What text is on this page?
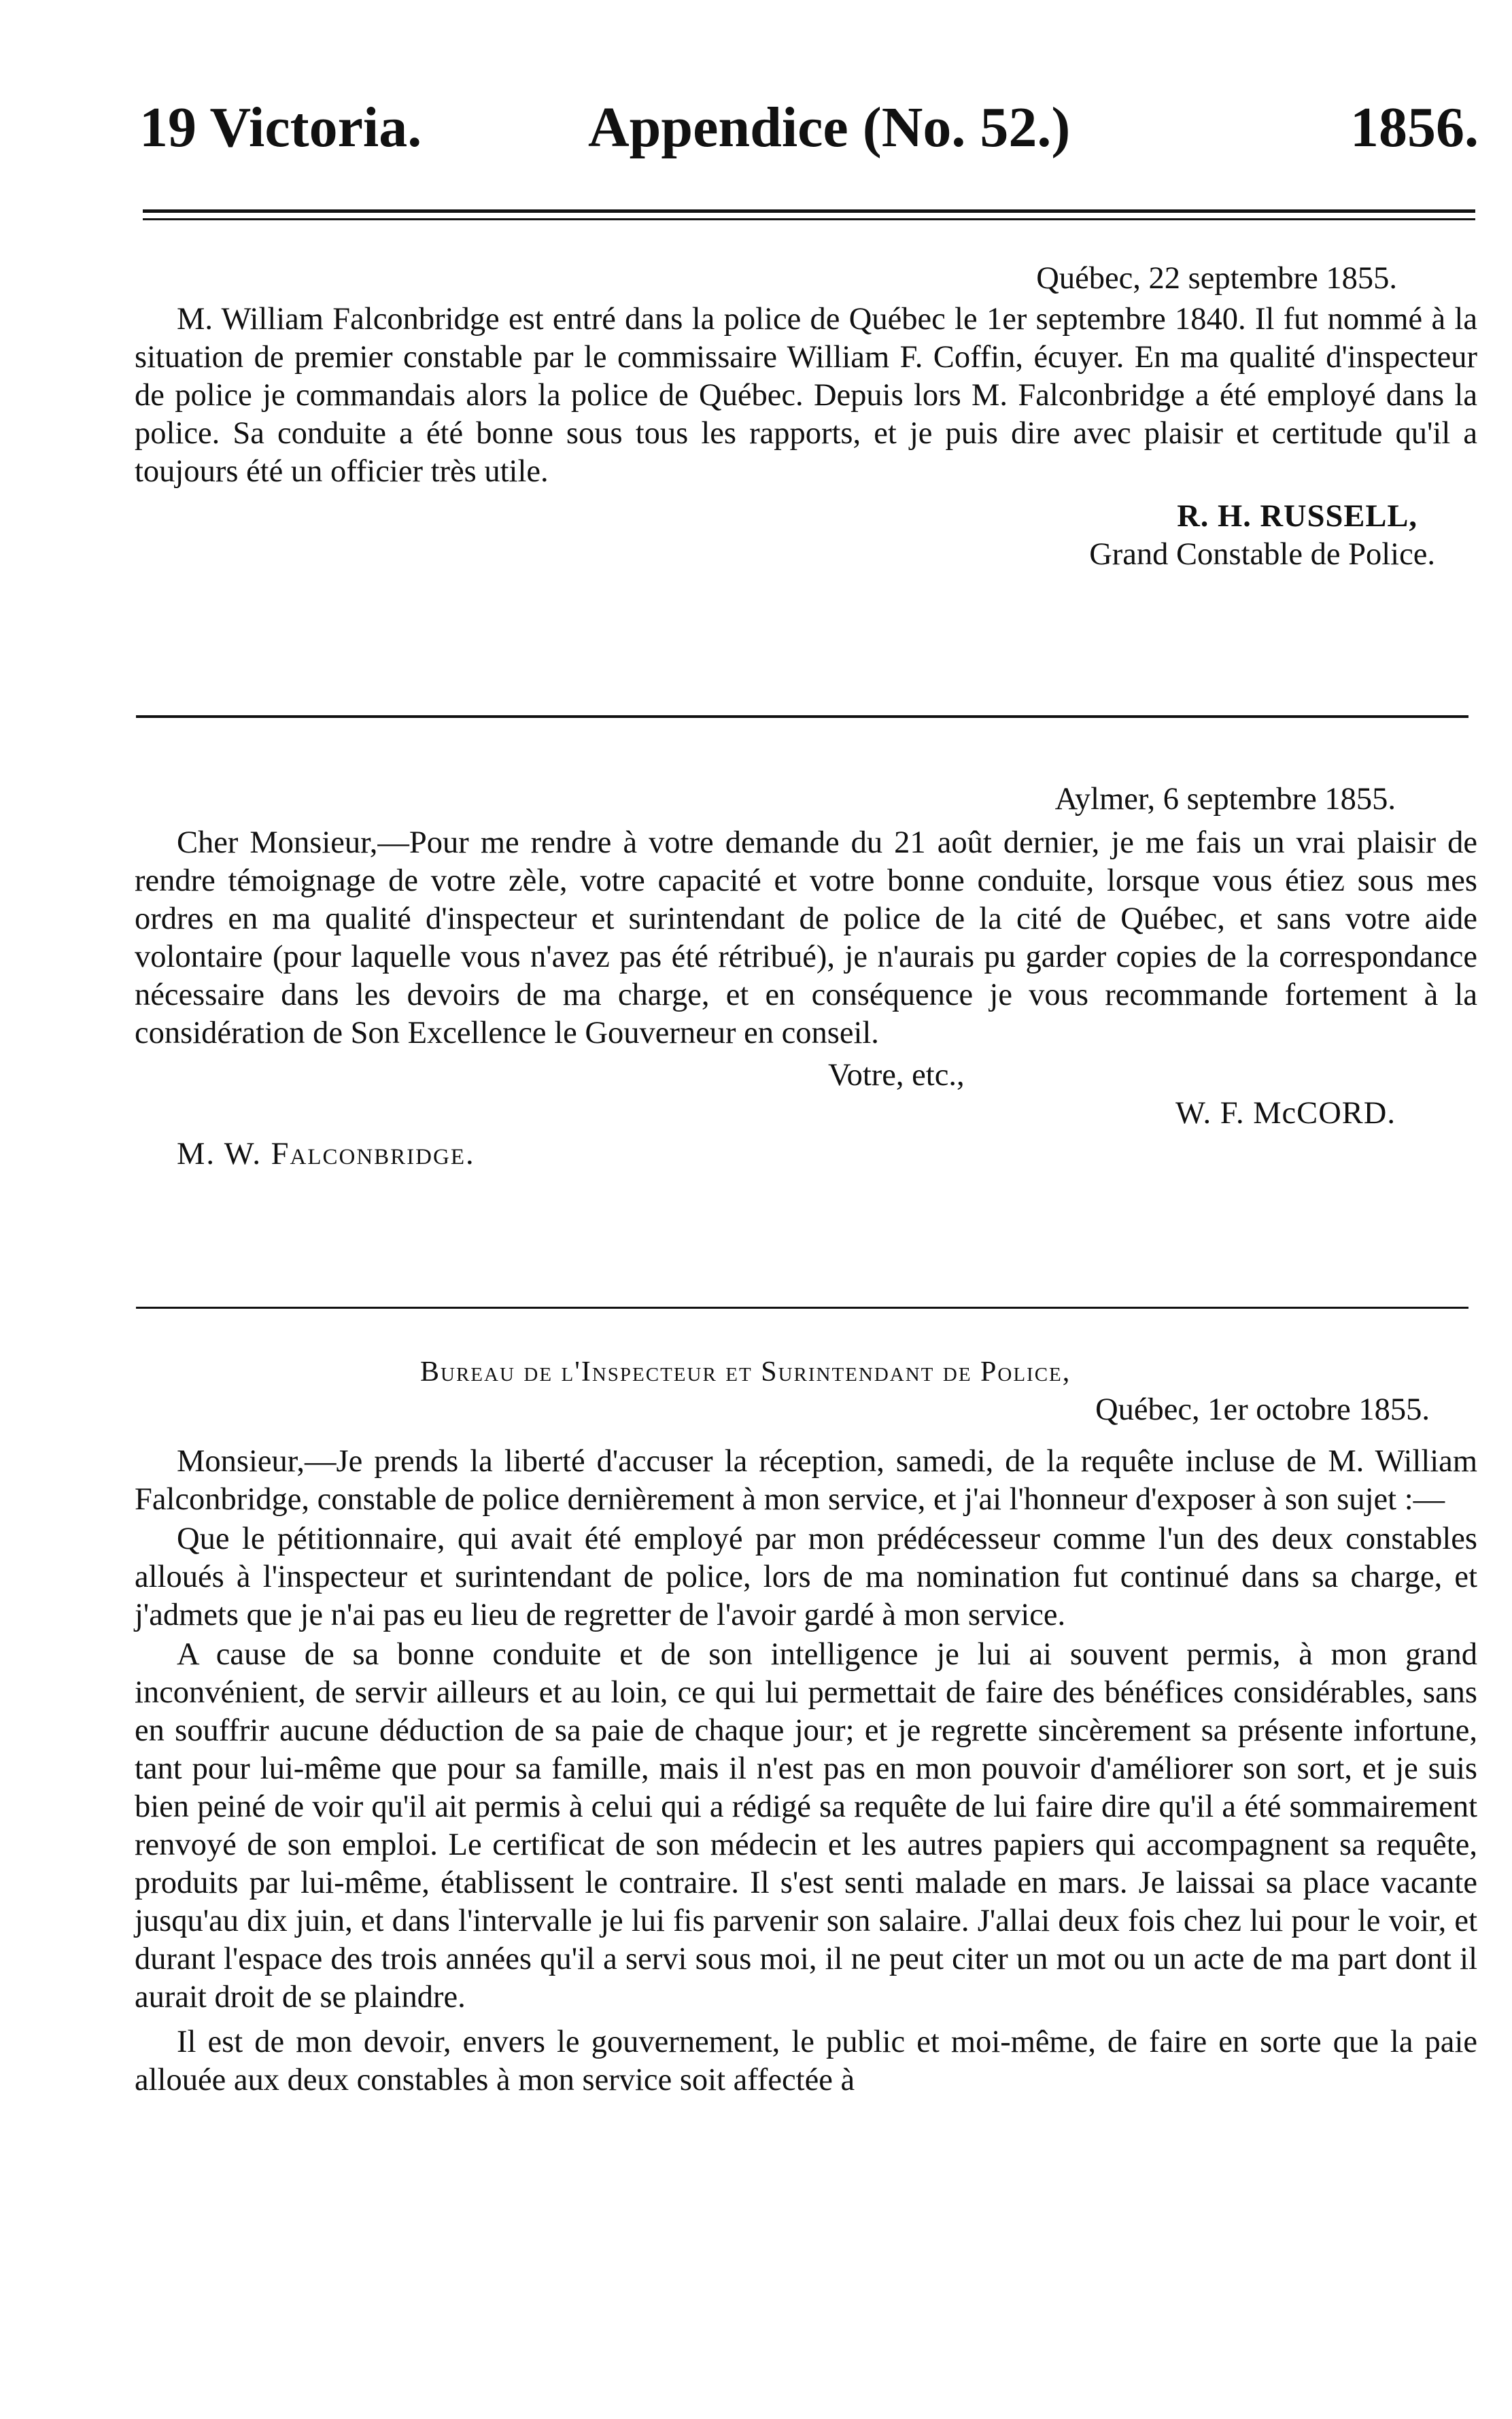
19 Victoria.	Appendice (No. 52.)	1856.
Québec, 22 septembre 1855.

M. William Falconbridge est entré dans la police de Québec le 1er septembre 1840. Il fut nommé à la situation de premier constable par le commissaire William F. Coffin, écuyer. En ma qualité d'inspecteur de police je commandais alors la police de Québec. Depuis lors M. Falconbridge a été employé dans la police. Sa conduite a été bonne sous tous les rapports, et je puis dire avec plaisir et certitude qu'il a toujours été un officier très utile.

R. H. RUSSELL,
Grand Constable de Police.
Aylmer, 6 septembre 1855.

Cher Monsieur,—Pour me rendre à votre demande du 21 août dernier, je me fais un vrai plaisir de rendre témoignage de votre zèle, votre capacité et votre bonne conduite, lorsque vous étiez sous mes ordres en ma qualité d'inspecteur et surintendant de police de la cité de Québec, et sans votre aide volontaire (pour laquelle vous n'avez pas été rétribué), je n'aurais pu garder copies de la correspondance nécessaire dans les devoirs de ma charge, et en conséquence je vous recommande fortement à la considération de Son Excellence le Gouverneur en conseil.

Votre, etc.,
W. F. McCORD.
M. W. Falconbridge.
Bureau de l'Inspecteur et Surintendant de Police,
Québec, 1er octobre 1855.

Monsieur,—Je prends la liberté d'accuser la réception, samedi, de la requête incluse de M. William Falconbridge, constable de police dernièrement à mon service, et j'ai l'honneur d'exposer à son sujet :—

Que le pétitionnaire, qui avait été employé par mon prédécesseur comme l'un des deux constables alloués à l'inspecteur et surintendant de police, lors de ma nomination fut continué dans sa charge, et j'admets que je n'ai pas eu lieu de regretter de l'avoir gardé à mon service.

A cause de sa bonne conduite et de son intelligence je lui ai souvent permis, à mon grand inconvénient, de servir ailleurs et au loin, ce qui lui permettait de faire des bénéfices considérables, sans en souffrir aucune déduction de sa paie de chaque jour; et je regrette sincèrement sa présente infortune, tant pour lui-même que pour sa famille, mais il n'est pas en mon pouvoir d'améliorer son sort, et je suis bien peiné de voir qu'il ait permis à celui qui a rédigé sa requête de lui faire dire qu'il a été sommairement renvoyé de son emploi. Le certificat de son médecin et les autres papiers qui accompagnent sa requête, produits par lui-même, établissent le contraire. Il s'est senti malade en mars. Je laissai sa place vacante jusqu'au dix juin, et dans l'intervalle je lui fis parvenir son salaire. J'allai deux fois chez lui pour le voir, et durant l'espace des trois années qu'il a servi sous moi, il ne peut citer un mot ou un acte de ma part dont il aurait droit de se plaindre.

Il est de mon devoir, envers le gouvernement, le public et moi-même, de faire en sorte que la paie allouée aux deux constables à mon service soit affectée à
